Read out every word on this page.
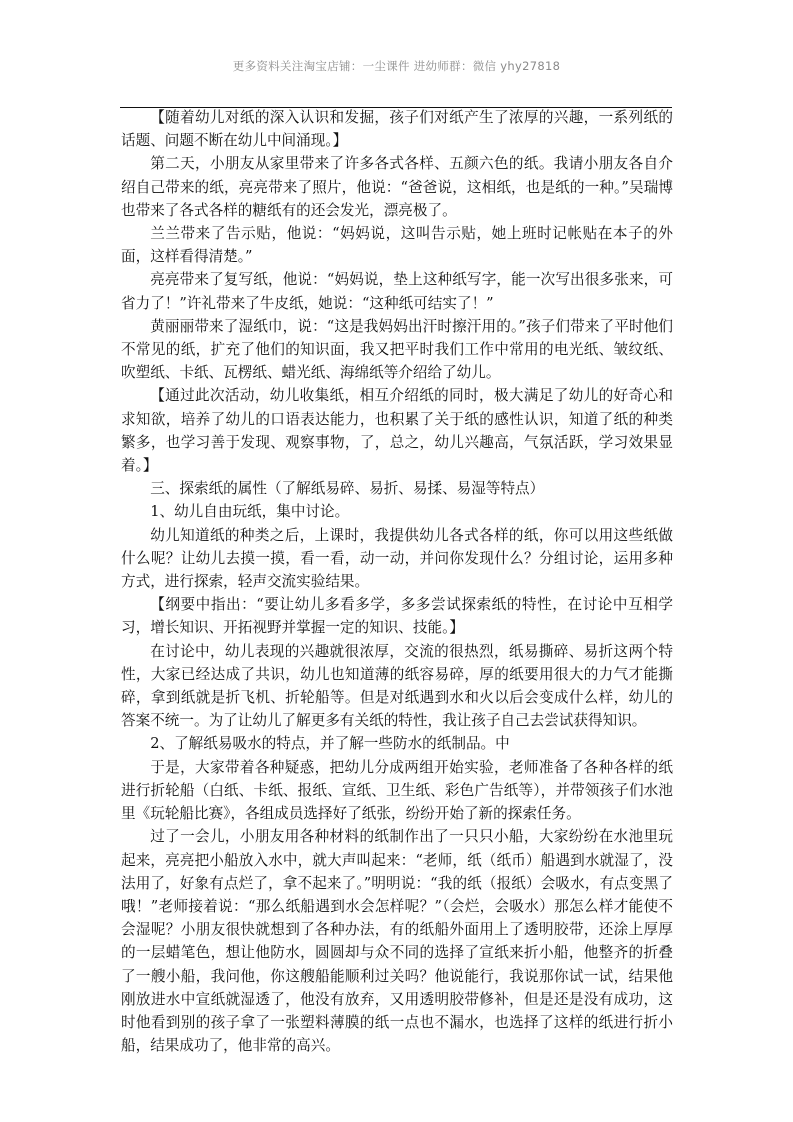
更多资料关注淘宝店铺：一尘课件 进幼师群：微信 yhy27818

【随着幼儿对纸的深入认识和发掘，孩子们对纸产生了浓厚的兴趣，一系列纸的话题、问题不断在幼儿中间涌现。】

第二天，小朋友从家里带来了许多各式各样、五颜六色的纸。我请小朋友各自介绍自己带来的纸，亮亮带来了照片，他说：“爸爸说，这相纸，也是纸的一种。”吴瑞博也带来了各式各样的糖纸有的还会发光，漂亮极了。

兰兰带来了告示贴，他说：“妈妈说，这叫告示贴，她上班时记帐贴在本子的外面，这样看得清楚。”

亮亮带来了复写纸，他说：“妈妈说，垫上这种纸写字，能一次写出很多张来，可省力了！”许礼带来了牛皮纸，她说：“这种纸可结实了！”

黄丽丽带来了湿纸巾，说：“这是我妈妈出汗时擦汗用的。”孩子们带来了平时他们不常见的纸，扩充了他们的知识面，我又把平时我们工作中常用的电光纸、皱纹纸、吹塑纸、卡纸、瓦楞纸、蜡光纸、海绵纸等介绍给了幼儿。

【通过此次活动，幼儿收集纸，相互介绍纸的同时，极大满足了幼儿的好奇心和求知欲，培养了幼儿的口语表达能力，也积累了关于纸的感性认识，知道了纸的种类繁多，也学习善于发现、观察事物，了，总之，幼儿兴趣高，气氛活跃，学习效果显着。】

三、探索纸的属性（了解纸易碎、易折、易揉、易湿等特点）

1、幼儿自由玩纸，集中讨论。

幼儿知道纸的种类之后，上课时，我提供幼儿各式各样的纸，你可以用这些纸做什么呢？让幼儿去摸一摸，看一看，动一动，并问你发现什么？分组讨论，运用多种方式，进行探索，轻声交流实验结果。

【纲要中指出：“要让幼儿多看多学，多多尝试探索纸的特性，在讨论中互相学习，增长知识、开拓视野并掌握一定的知识、技能。】

在讨论中，幼儿表现的兴趣就很浓厚，交流的很热烈，纸易撕碎、易折这两个特性，大家已经达成了共识，幼儿也知道薄的纸容易碎，厚的纸要用很大的力气才能撕碎，拿到纸就是折飞机、折轮船等。但是对纸遇到水和火以后会变成什么样，幼儿的答案不统一。为了让幼儿了解更多有关纸的特性，我让孩子自己去尝试获得知识。

2、了解纸易吸水的特点，并了解一些防水的纸制品。中

于是，大家带着各种疑惑，把幼儿分成两组开始实验，老师准备了各种各样的纸进行折轮船（白纸、卡纸、报纸、宣纸、卫生纸、彩色广告纸等），并带领孩子们水池里《玩轮船比赛》，各组成员选择好了纸张，纷纷开始了新的探索任务。

过了一会儿，小朋友用各种材料的纸制作出了一只只小船，大家纷纷在水池里玩起来，亮亮把小船放入水中，就大声叫起来：“老师，纸（纸币）船遇到水就湿了，没法用了，好象有点烂了，拿不起来了。”明明说：“我的纸（报纸）会吸水，有点变黑了哦！”老师接着说：“那么纸船遇到水会怎样呢？”（会烂，会吸水）那怎么样才能使不会湿呢？小朋友很快就想到了各种办法，有的纸船外面用上了透明胶带，还涂上厚厚的一层蜡笔色，想让他防水，圆圆却与众不同的选择了宣纸来折小船，他整齐的折叠了一艘小船，我问他，你这艘船能顺利过关吗？他说能行，我说那你试一试，结果他刚放进水中宣纸就湿透了，他没有放弃，又用透明胶带修补，但是还是没有成功，这时他看到别的孩子拿了一张塑料薄膜的纸一点也不漏水，也选择了这样的纸进行折小船，结果成功了，他非常的高兴。
